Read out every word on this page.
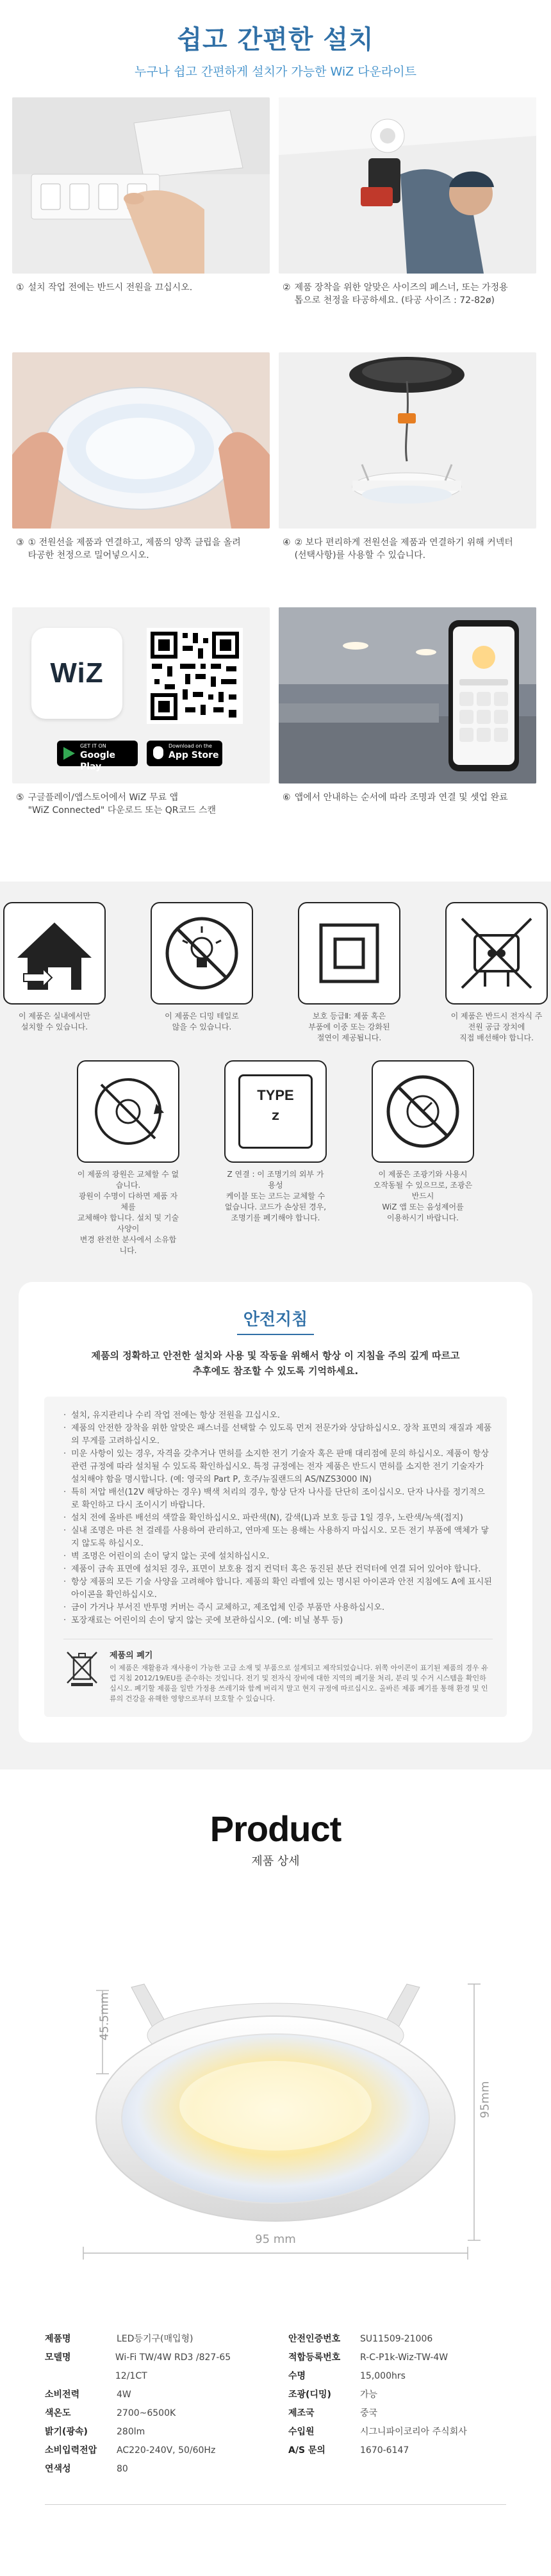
쉽고 간편한 설치

누구나 쉽고 간편하게 설치가 가능한 WiZ 다운라이트

① 설치 작업 전에는 반드시 전원을 끄십시오.	② 제품 장착을 위한 알맞은 사이즈의 페스너, 또는 가정용
톱으로 천정을 타공하세요. (타공 사이즈 : 72-82ø)
③ ① 전원선을 제품과 연결하고, 제품의 양쪽 클립을 올려
타공한 천정으로 밀어넣으시오.
④ ② 보다 편리하게 전원선을 제품과 연결하기 위해 커넥터
(선택사항)를 사용할 수 있습니다.
WiZ
GET IT ON
Google Play
Download on the
App Store
⑤ 구글플레이/앱스토어에서 WiZ 무료 앱
"WiZ Connected" 다운로드 또는 QR코드 스캔
⑥ 앱에서 안내하는 순서에 따라 조명과 연결 및 셋업 완료
이 제품은 실내에서만
설치할 수 있습니다.
이 제품은 디밍 테일로
않을 수 있습니다.
보호 등급Ⅱ: 제품 혹은
부품에 이중 또는 강화된
절연이 제공됩니다.
이 제품은 반드시 전자식 주
전원 공급 장치에
직접 배선해야 합니다.
이 제품의 광원은 교체할 수 없습니다.
광원이 수명이 다하면 제품 자체를
교체해야 합니다. 설치 및 기술 사양이
변경 완전한 분사에서 소유합니다.
TYPE
Z
Z 연결 : 이 조명기의 외부 가용성
케이블 또는 코드는 교체할 수
없습니다. 코드가 손상된 경우,
조명기를 폐기해야 합니다.
이 제품은 조광기와 사용시
오작동될 수 있으므로, 조광은 반드시
WiZ 앱 또는 음성제어를
이용하시기 바랍니다.
안전지침
제품의 정확하고 안전한 설치와 사용 및 작동을 위해서 항상 이 지침을 주의 깊게 따르고
추후에도 참조할 수 있도록 기억하세요.
· 설치, 유지관리나 수리 작업 전에는 항상 전원을 끄십시오.
· 제품의 안전한 장착을 위한 알맞은 패스너를 선택할 수 있도록 먼저 전문가와 상담하십시오. 장착 표면의 재질과 제품의 무게를 고려하십시오.
· 미운 사항이 있는 경우, 자격을 갖추거나 면허를 소지한 전기 기술자 혹은 판매 대리점에 문의 하십시오. 제품이 항상 관련 규정에 따라 설치될 수 있도록 확인하십시오. 특정 규정에는 전자 제품은 반드시 면허를 소지한 전기 기술자가 설치해야 함을 명시합니다. (예: 영국의 Part P, 호주/뉴질랜드의 AS/NZS3000 IN)
· 특히 저압 배선(12V 해당하는 경우) 백색 처리의 경우, 항상 단자 나사를 단단히 조이십시오. 단자 나사를 정기적으로 확인하고 다시 조이시기 바랍니다.
· 설치 전에 올바른 배선의 색깔을 확인하십시오. 파란색(N), 갈색(L)과 보호 등급 1일 경우, 노란색/녹색(접지)
· 실내 조명은 마른 천 걸레를 사용하여 관리하고, 연마제 또는 용해는 사용하지 마십시오. 모든 전기 부품에 액체가 닿지 않도록 하십시오.
· 벽 조명은 어린이의 손이 닿지 않는 곳에 설치하십시오.
· 제품이 금속 표면에 설치된 경우, 표면이 보호용 접지 컨덕터 혹은 동진된 분단 컨덕터에 연결 되어 있어야 합니다.
· 항상 제품의 모든 기술 사양을 고려해야 합니다. 제품의 확인 라벨에 있는 명시된 아이콘과 안전 지침에도 A에 표시된 아이콘을 확인하십시오.
· 금이 가거나 부서진 반투명 커버는 즉시 교체하고, 제조업체 인증 부품만 사용하십시오.
· 포장재료는 어린이의 손이 닿지 않는 곳에 보관하십시오. (예: 비닐 봉투 등)
제품의 폐기

이 제품은 재활용과 재사용이 가능한 고급 소재 및 부품으로 설계되고 제작되었습니다. 위쪽 아이콘이 표기된 제품의 경우 유럽 지침 2012/19/EU를 준수하는 것입니다. 전기 및 전자식 장비에 대한 지역의 폐기물 처리, 분리 및 수거 시스템을 확인하십시오. 폐기할 제품을 일반 가정용 쓰레기와 함께 버리지 말고 현지 규정에 따르십시오. 올바른 제품 폐기를 통해 환경 및 인류의 건강을 유해한 영향으로부터 보호할 수 있습니다.

Product

제품 상세

45.5mm
95mm
95 mm
제품명	LED등기구(매입형)
모델명	Wi-Fi TW/4W RD3 /827-65 12/1CT
소비전력	4W
색온도	2700~6500K
밝기(광속)	280lm
소비입력전압	AC220-240V, 50/60Hz
연색성	80
안전인증번호	SU11509-21006
적합등록번호	R-C-P1k-Wiz-TW-4W
수명	15,000hrs
조광(디밍)	가능
제조국	중국
수입원	시그니파이코리아 주식회사
A/S 문의	1670-6147
